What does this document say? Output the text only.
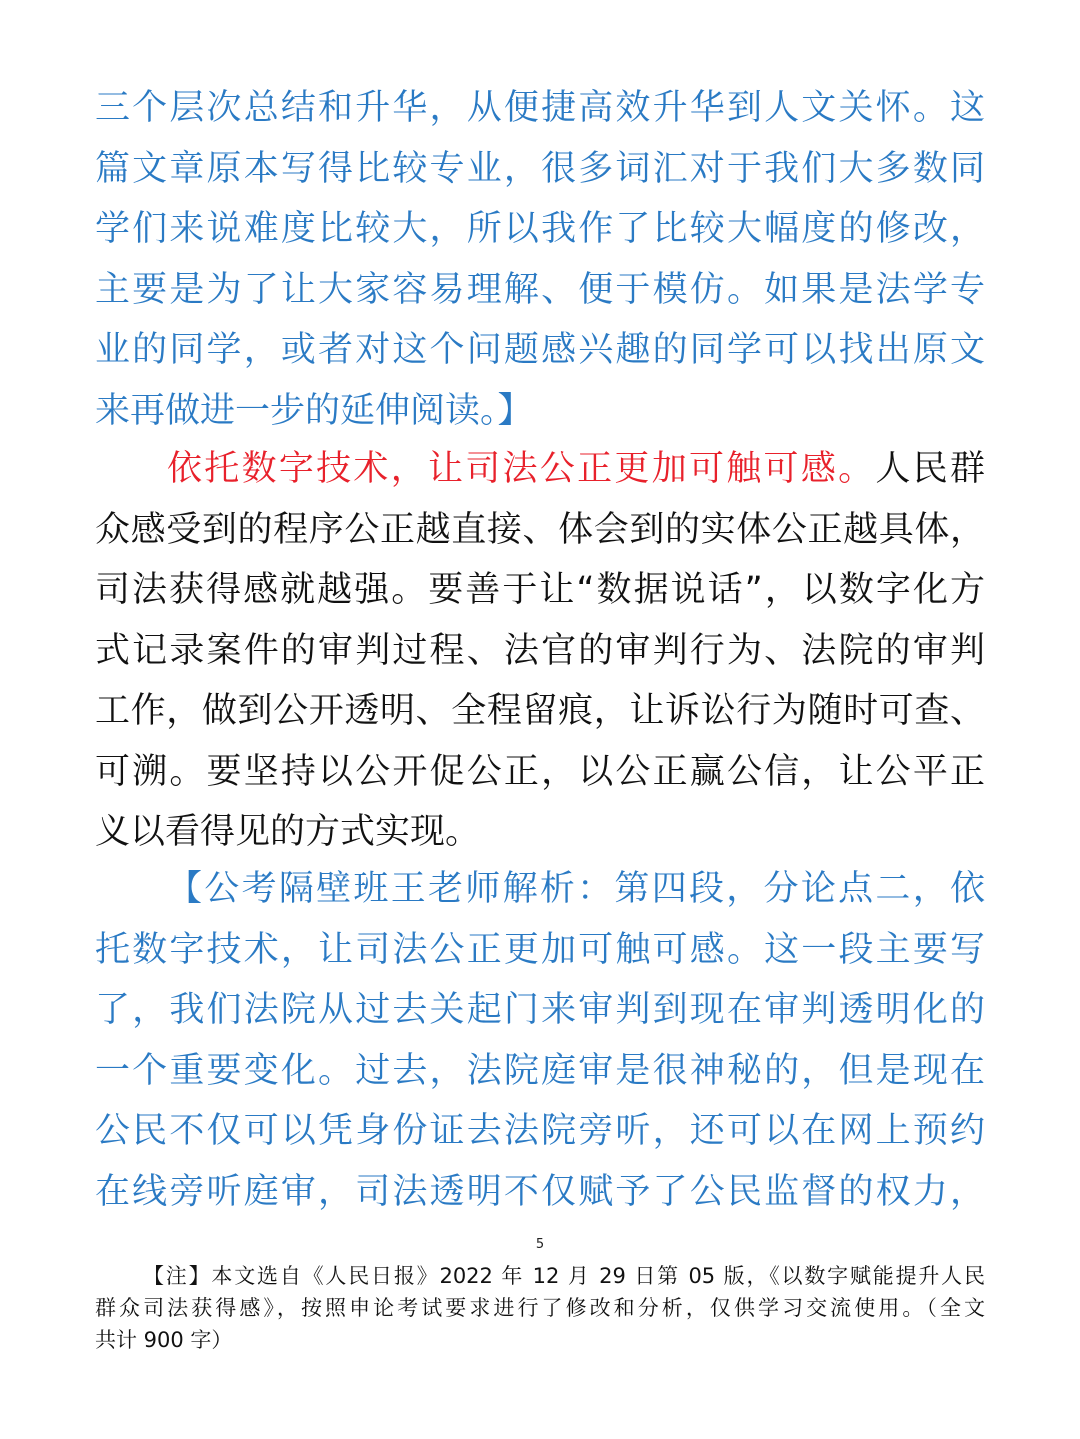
三个层次总结和升华，从便捷高效升华到人文关怀。这
篇文章原本写得比较专业，很多词汇对于我们大多数同
学们来说难度比较大，所以我作了比较大幅度的修改，
主要是为了让大家容易理解、便于模仿。如果是法学专
业的同学，或者对这个问题感兴趣的同学可以找出原文
来再做进一步的延伸阅读。】
依托数字技术，让司法公正更加可触可感。人民群
众感受到的程序公正越直接、体会到的实体公正越具体，
司法获得感就越强。要善于让“数据说话”，以数字化方
式记录案件的审判过程、法官的审判行为、法院的审判
工作，做到公开透明、全程留痕，让诉讼行为随时可查、
可溯。要坚持以公开促公正，以公正赢公信，让公平正
义以看得见的方式实现。
【公考隔壁班王老师解析：第四段，分论点二，依
托数字技术，让司法公正更加可触可感。这一段主要写
了，我们法院从过去关起门来审判到现在审判透明化的
一个重要变化。过去，法院庭审是很神秘的，但是现在
公民不仅可以凭身份证去法院旁听，还可以在网上预约
在线旁听庭审，司法透明不仅赋予了公民监督的权力，
5
【注】本文选自《人民日报》2022 年 12 月 29 日第 05 版，《以数字赋能提升人民
群众司法获得感》，按照申论考试要求进行了修改和分析，仅供学习交流使用。（全文
共计 900 字）
